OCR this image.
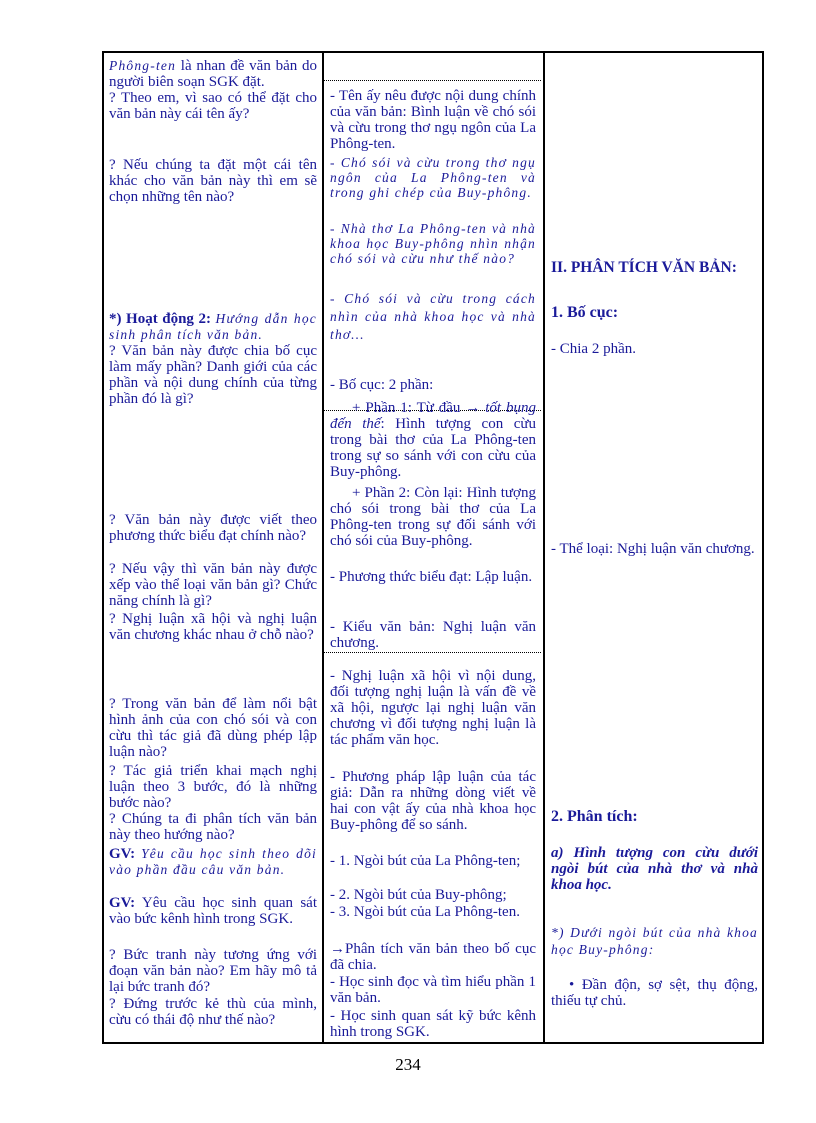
Phông-ten là nhan đề văn bản do người biên soạn SGK đặt.

? Theo em, vì sao có thể đặt cho văn bản này cái tên ấy?

? Nếu chúng ta đặt một cái tên khác cho văn bản này thì em sẽ chọn những tên nào?

*) Hoạt động 2: Hướng dẫn học sinh phân tích văn bản.

? Văn bản này được chia bố cục làm mấy phần? Danh giới của các phần và nội dung chính của từng phần đó là gì?

? Văn bản này được viết theo phương thức biểu đạt chính nào?

? Nếu vậy thì văn bản này được xếp vào thể loại văn bản gì? Chức năng chính là gì?

? Nghị luận xã hội và nghị luận văn chương khác nhau ở chỗ nào?

? Trong văn bản để làm nổi bật hình ảnh của con chó sói và con cừu thì tác giả đã dùng phép lập luận nào?

? Tác giả triển khai mạch nghị luận theo 3 bước, đó là những bước nào?

? Chúng ta đi phân tích văn bản này theo hướng nào?

GV: Yêu cầu học sinh theo dõi vào phần đầu câu văn bản.

GV: Yêu cầu học sinh quan sát vào bức kênh hình trong SGK.

? Bức tranh này tương ứng với đoạn văn bản nào? Em hãy mô tả lại bức tranh đó?

? Đứng trước kẻ thù của mình, cừu có thái độ như thế nào?

- Tên ấy nêu được nội dung chính của văn bản: Bình luận về chó sói và cừu trong thơ ngụ ngôn của La Phông-ten.

- Chó sói và cừu trong thơ ngụ ngôn của La Phông-ten và trong ghi chép của Buy-phông.

- Nhà thơ La Phông-ten và nhà khoa học Buy-phông nhìn nhận chó sói và cừu như thế nào?

- Chó sói và cừu trong cách nhìn của nhà khoa học và nhà thơ…

- Bố cục: 2 phần:

+ Phần 1: Từ đầu → tốt bụng đến thế: Hình tượng con cừu trong bài thơ của La Phông-ten trong sự so sánh với con cừu của Buy-phông.

+ Phần 2: Còn lại: Hình tượng chó sói trong bài thơ của La Phông-ten trong sự đối sánh với chó sói của Buy-phông.

- Phương thức biểu đạt: Lập luận.

- Kiểu văn bản: Nghị luận văn chương.

- Nghị luận xã hội vì nội dung, đối tượng nghị luận là vấn đề về xã hội, ngược lại nghị luận văn chương vì đối tượng nghị luận là tác phẩm văn học.

- Phương pháp lập luận của tác giả: Dẫn ra những dòng viết về hai con vật ấy của nhà khoa học Buy-phông để so sánh.

- 1. Ngòi bút của La Phông-ten;

- 2. Ngòi bút của Buy-phông;

- 3. Ngòi bút của La Phông-ten.

→Phân tích văn bản theo bố cục đã chia.

- Học sinh đọc và tìm hiểu phần 1 văn bản.

- Học sinh quan sát kỹ bức kênh hình trong SGK.

II. PHÂN TÍCH VĂN BẢN:

1. Bố cục:

- Chia 2 phần.

- Thể loại: Nghị luận văn chương.

2. Phân tích:

a) Hình tượng con cừu dưới ngòi bút của nhà thơ và nhà khoa học.

*) Dưới ngòi bút của nhà khoa học Buy-phông:

• Đần độn, sợ sệt, thụ động, thiếu tự chủ.

234
